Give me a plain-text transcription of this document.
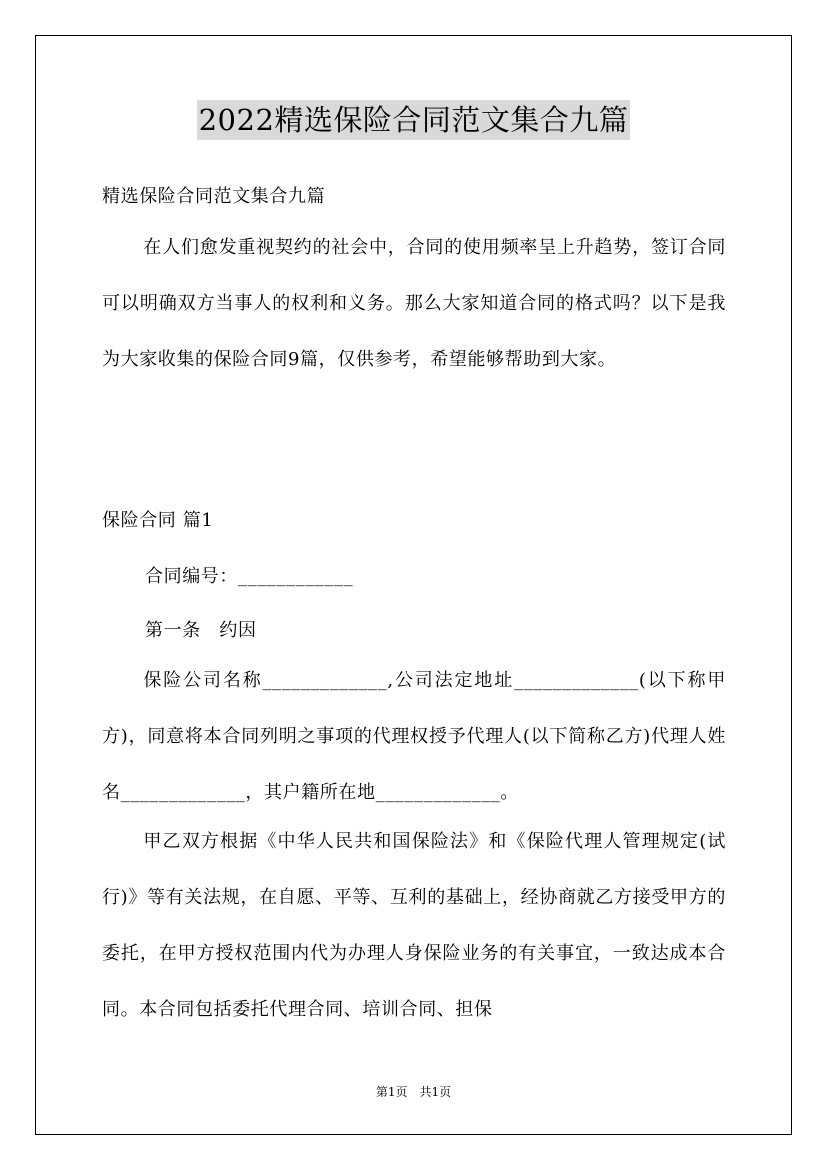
2022精选保险合同范文集合九篇

精选保险合同范文集合九篇

在人们愈发重视契约的社会中，合同的使用频率呈上升趋势，签订合同可以明确双方当事人的权利和义务。那么大家知道合同的格式吗？以下是我为大家收集的保险合同9篇，仅供参考，希望能够帮助到大家。

保险合同 篇1

合同编号：____________

第一条　约因

保险公司名称_____________,公司法定地址_____________(以下称甲方)，同意将本合同列明之事项的代理权授予代理人(以下简称乙方)代理人姓名_____________，其户籍所在地_____________。

甲乙双方根据《中华人民共和国保险法》和《保险代理人管理规定(试行)》等有关法规，在自愿、平等、互利的基础上，经协商就乙方接受甲方的委托，在甲方授权范围内代为办理人身保险业务的有关事宜，一致达成本合同。本合同包括委托代理合同、培训合同、担保

第1页　共1页
